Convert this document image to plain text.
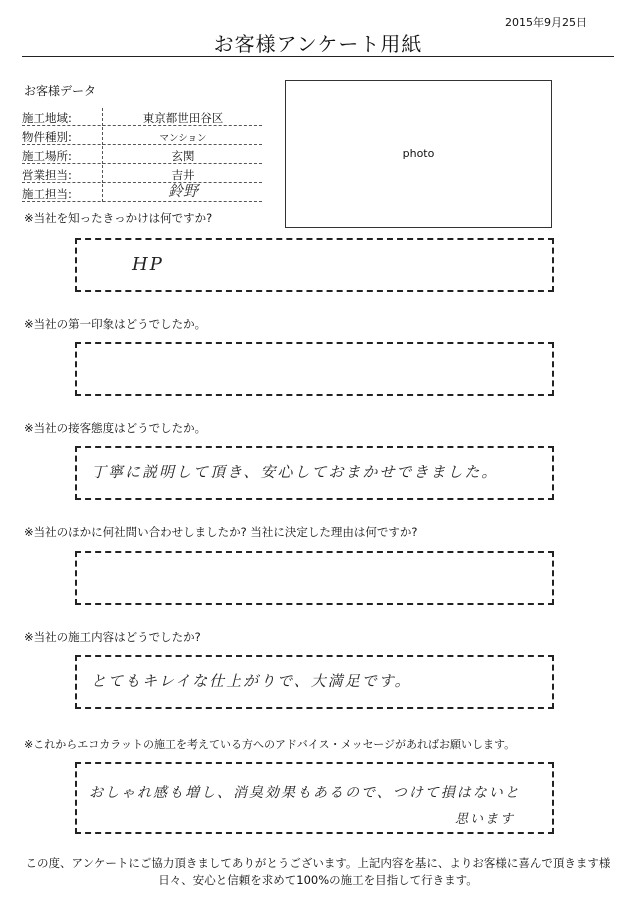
2015年9月25日
お客様アンケート用紙
お客様データ
施工地域:	東京都世田谷区
物件種別:	マンション
施工場所:	玄関
営業担当:	吉井
施工担当:	鈴野
photo
※当社を知ったきっかけは何ですか?
HP
※当社の第一印象はどうでしたか。
※当社の接客態度はどうでしたか。
丁寧に説明して頂き、安心しておまかせできました。
※当社のほかに何社問い合わせしましたか? 当社に決定した理由は何ですか?
※当社の施工内容はどうでしたか?
とてもキレイな仕上がりで、大満足です。
※これからエコカラットの施工を考えている方へのアドバイス・メッセージがあればお願いします。
おしゃれ感も増し、消臭効果もあるので、つけて損はないと
思います
この度、アンケートにご協力頂きましてありがとうございます。上記内容を基に、よりお客様に喜んで頂きます様
日々、安心と信頼を求めて100%の施工を目指して行きます。
